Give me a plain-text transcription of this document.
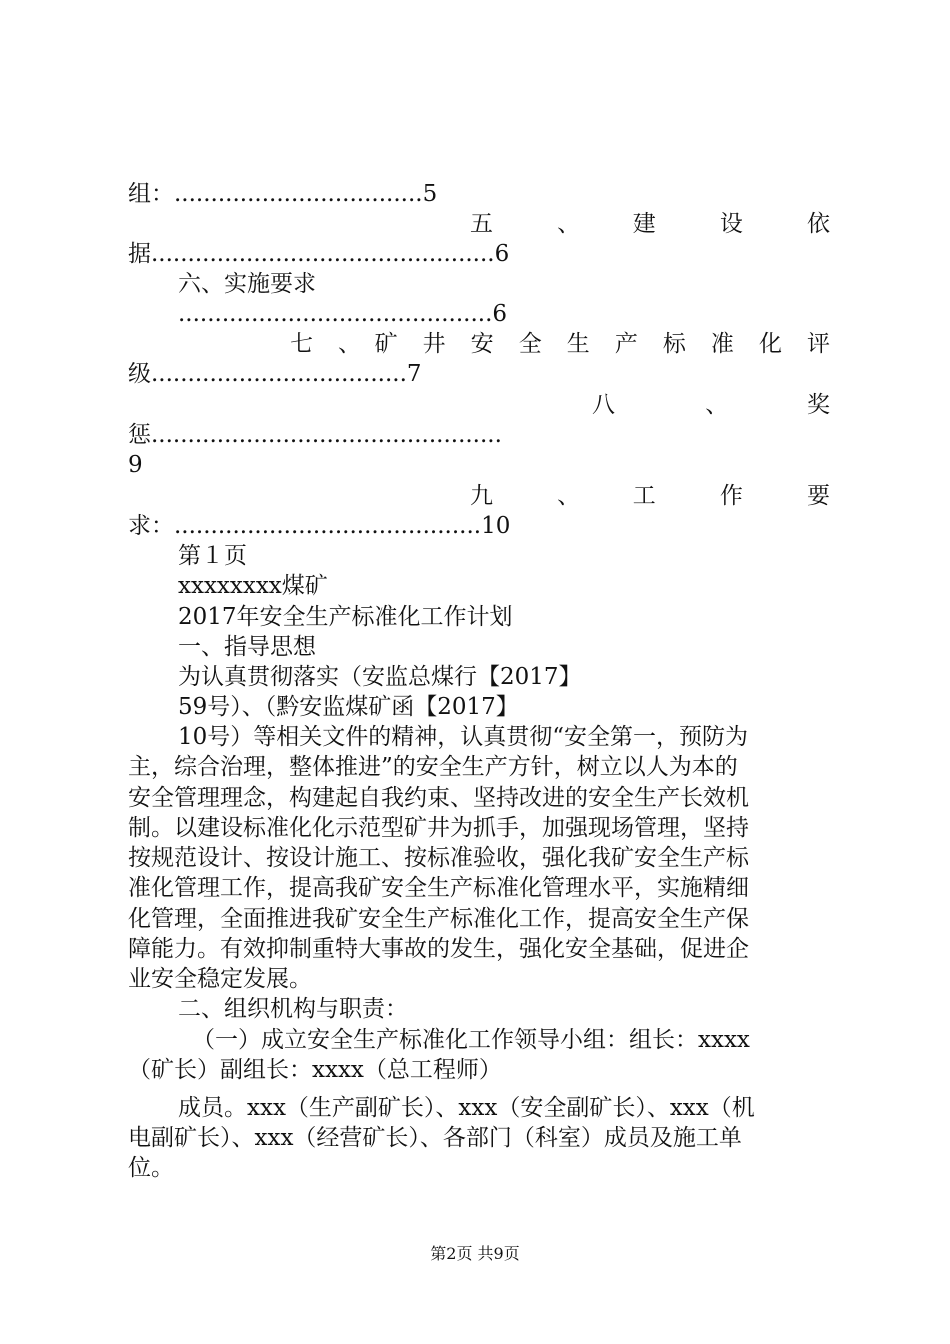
组：..................................5
五　　、　　建　　设　　依
据...............................................6
六、实施要求
...........................................6
七　、　矿　井　安　全　生　产　标　准　化　评
级...................................7
八　　　、　　　奖
惩................................................
9
九　　、　　工　　作　　要
求：..........................................10
第１页
xxxxxxxx煤矿
2017年安全生产标准化工作计划
一、指导思想
为认真贯彻落实（安监总煤行【2017】
59号）、（黔安监煤矿函【2017】
10号）等相关文件的精神，认真贯彻“安全第一，预防为
主，综合治理，整体推进”的安全生产方针，树立以人为本的
安全管理理念，构建起自我约束、坚持改进的安全生产长效机
制。以建设标准化化示范型矿井为抓手，加强现场管理，坚持
按规范设计、按设计施工、按标准验收，强化我矿安全生产标
准化管理工作，提高我矿安全生产标准化管理水平，实施精细
化管理，全面推进我矿安全生产标准化工作，提高安全生产保
障能力。有效抑制重特大事故的发生，强化安全基础，促进企
业安全稳定发展。
二、组织机构与职责：
（一）成立安全生产标准化工作领导小组：组长：xxxx
（矿长）副组长：xxxx（总工程师）
成员。xxx（生产副矿长）、xxx（安全副矿长）、xxx（机
电副矿长）、xxx（经营矿长）、各部门（科室）成员及施工单
位。
第2页 共9页
